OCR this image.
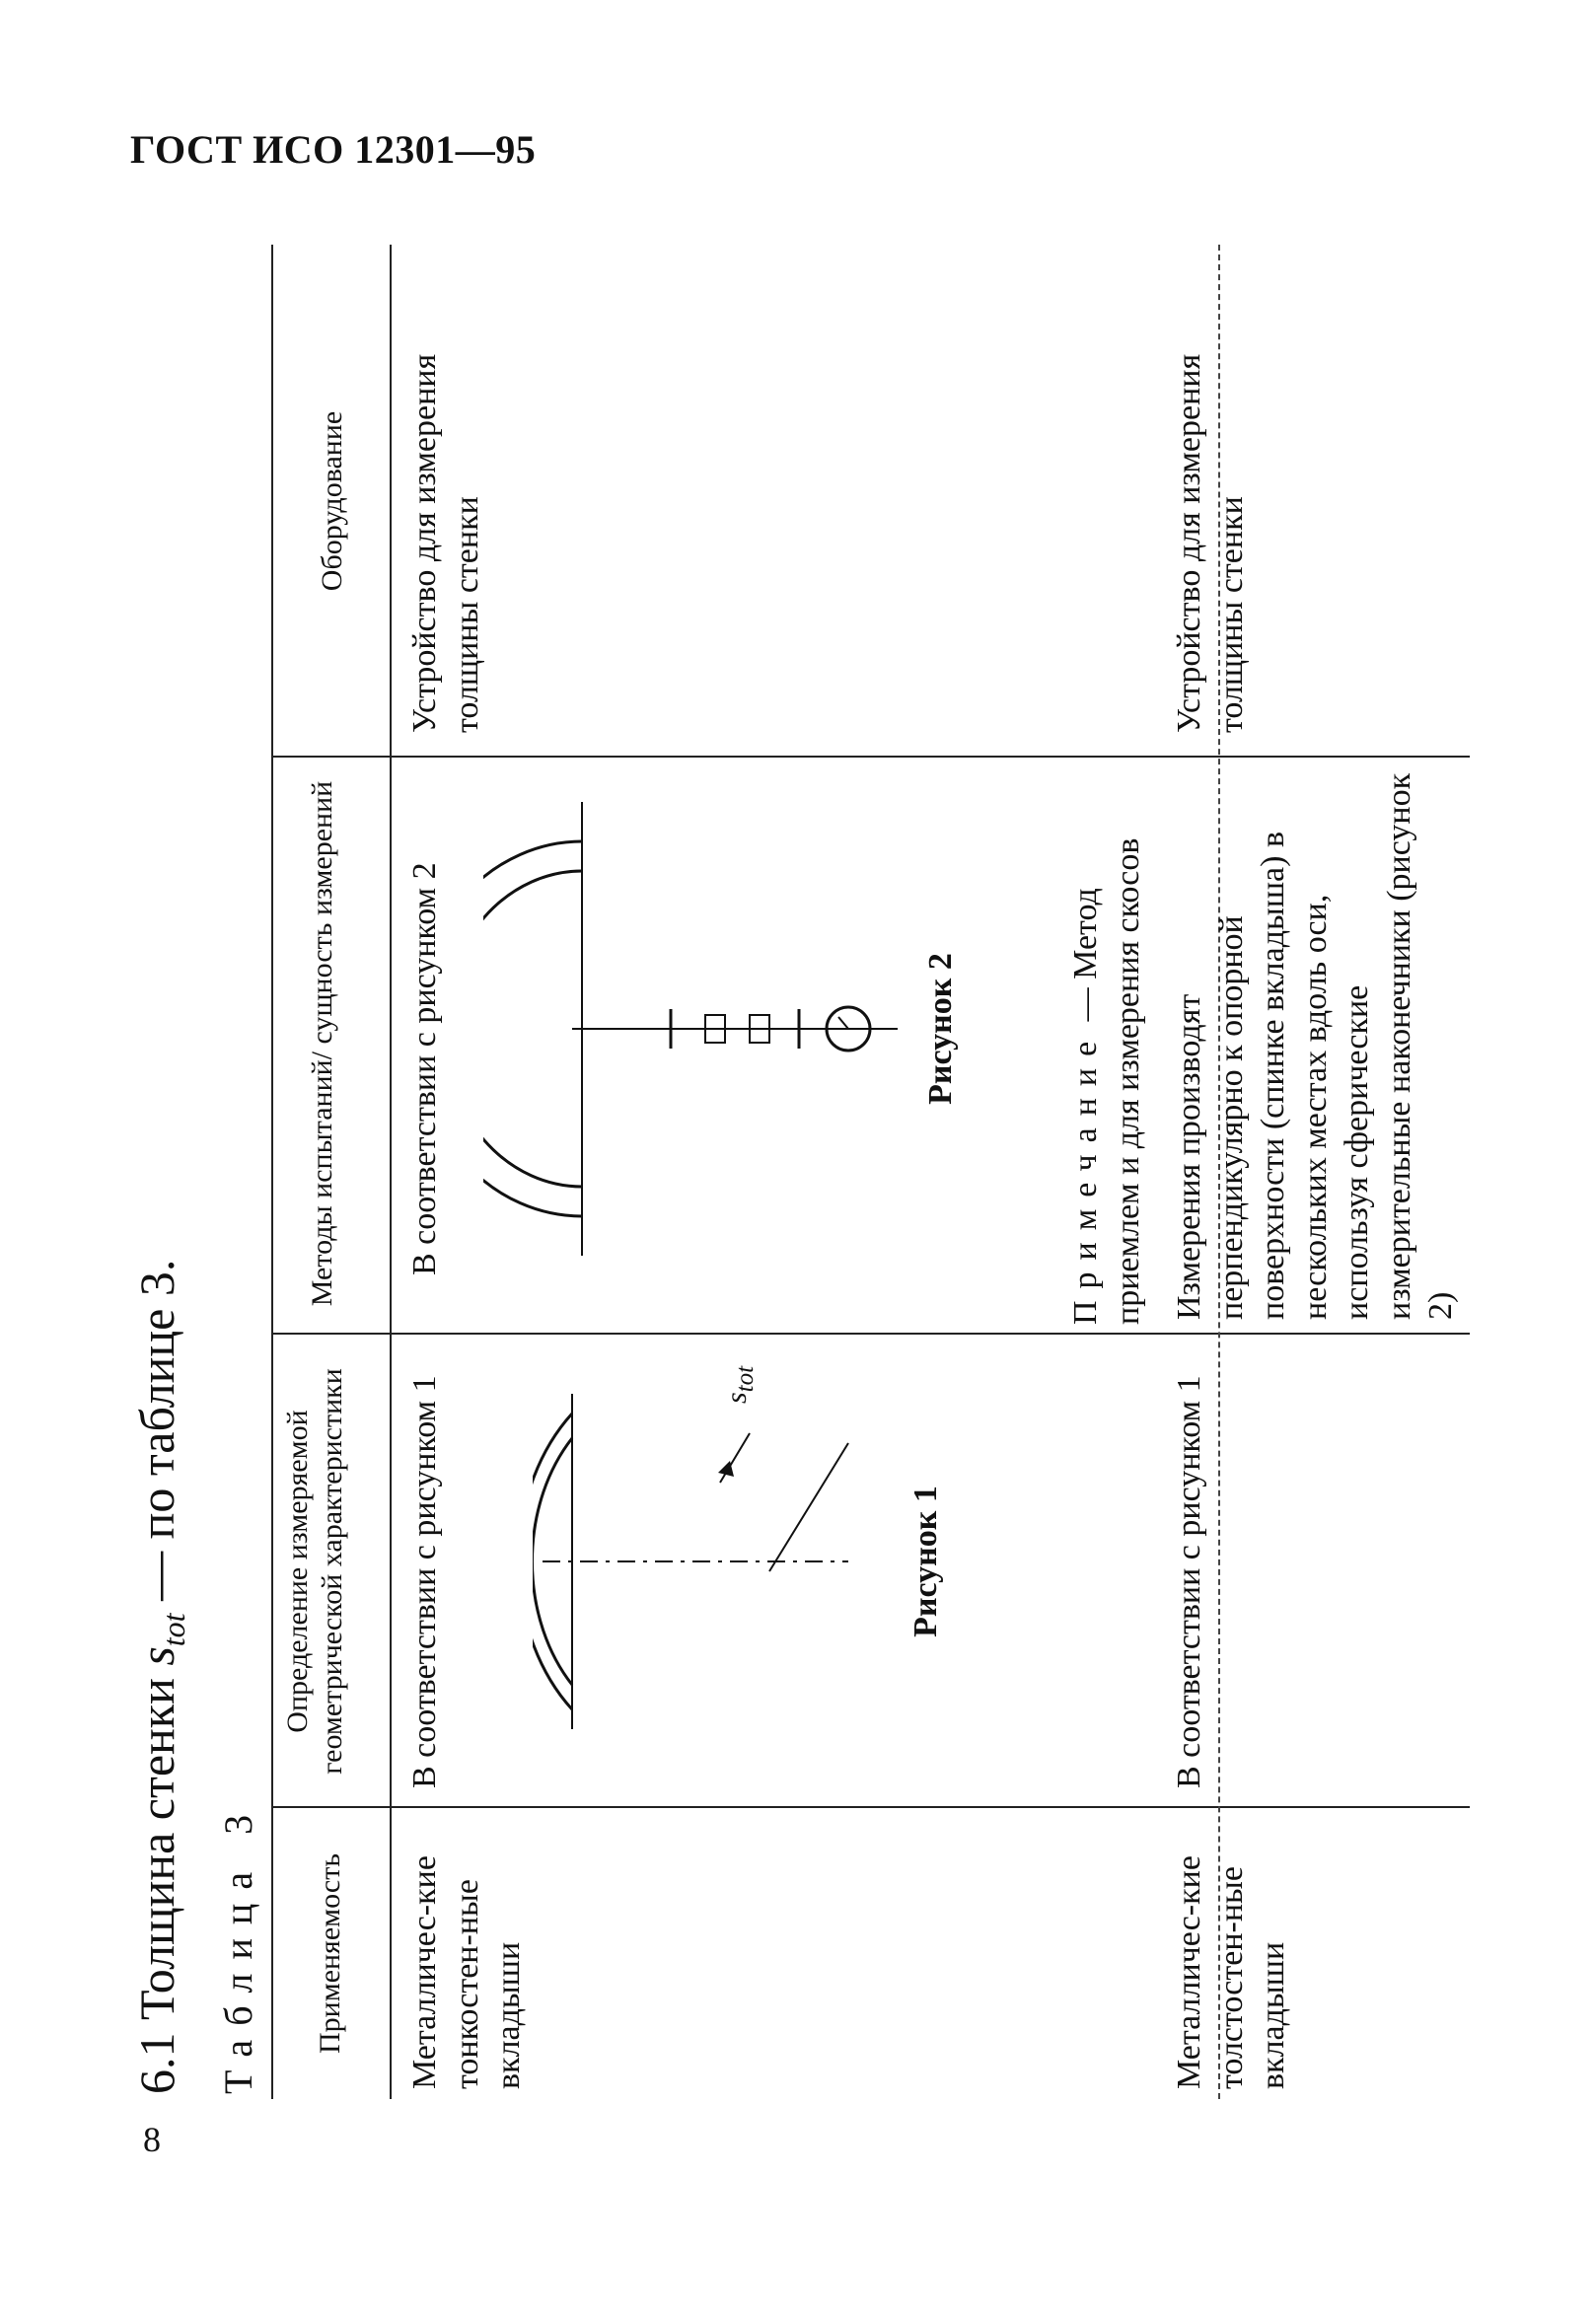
ГОСТ ИСО 12301—95
8
6.1 Толщина стенки $s_{tot}$ — по таблице 3.
Таблица 3 Применяемость
Определение измеряемой геометрической характеристики
Методы испытаний/ сущность измерений
Оборудование
Металличес-кие тонкостен-ные вкладыши
В соответствии с рисунком 1
В соответствии с рисунком 2
Устройство для измерения толщины стенки
$s_{tot}$
Рисунок 1
Рисунок 2
Примечание — Метод приемлем и для измерения скосов
Металличес-кие толстостен-ные вкладыши
В соответствии с рисунком 1
Измерения производят перпендикулярно к опорной поверхности (спинке вкладыша) в нескольких местах вдоль оси, используя сферические измерительные наконечники (рисунок 2)
Устройство для измерения толщины стенки
